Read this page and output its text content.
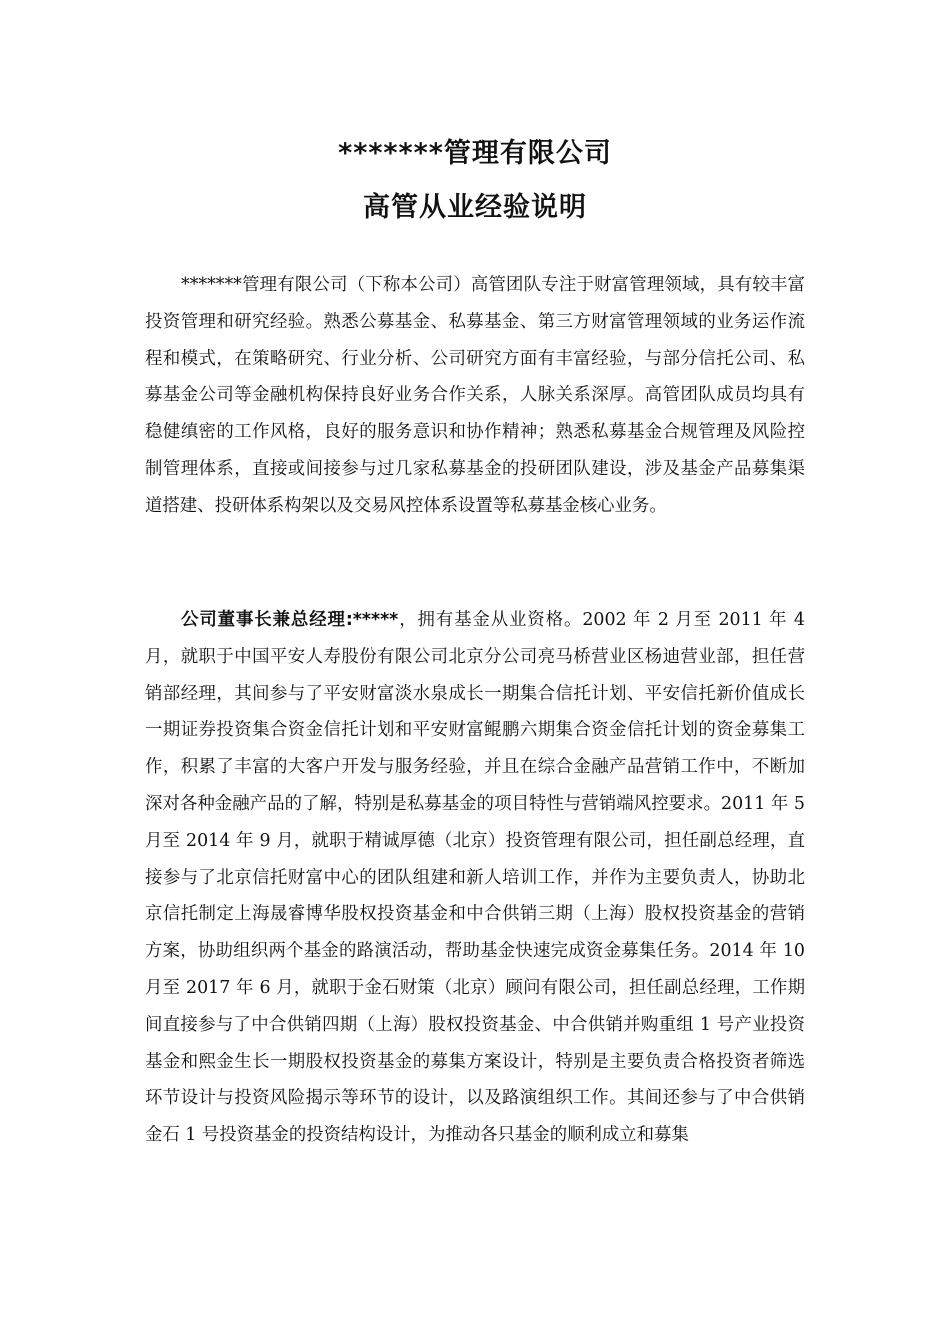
*******管理有限公司
高管从业经验说明

*******管理有限公司（下称本公司）高管团队专注于财富管理领域，具有较丰富投资管理和研究经验。熟悉公募基金、私募基金、第三方财富管理领域的业务运作流程和模式，在策略研究、行业分析、公司研究方面有丰富经验，与部分信托公司、私募基金公司等金融机构保持良好业务合作关系，人脉关系深厚。高管团队成员均具有稳健缜密的工作风格，良好的服务意识和协作精神；熟悉私募基金合规管理及风险控制管理体系，直接或间接参与过几家私募基金的投研团队建设，涉及基金产品募集渠道搭建、投研体系构架以及交易风控体系设置等私募基金核心业务。

公司董事长兼总经理:*****，拥有基金从业资格。2002 年 2 月至 2011 年 4 月，就职于中国平安人寿股份有限公司北京分公司亮马桥营业区杨迪营业部，担任营销部经理，其间参与了平安财富淡水泉成长一期集合信托计划、平安信托新价值成长一期证券投资集合资金信托计划和平安财富鲲鹏六期集合资金信托计划的资金募集工作，积累了丰富的大客户开发与服务经验，并且在综合金融产品营销工作中，不断加深对各种金融产品的了解，特别是私募基金的项目特性与营销端风控要求。2011 年 5 月至 2014 年 9 月，就职于精诚厚德（北京）投资管理有限公司，担任副总经理，直接参与了北京信托财富中心的团队组建和新人培训工作，并作为主要负责人，协助北京信托制定上海晟睿博华股权投资基金和中合供销三期（上海）股权投资基金的营销方案，协助组织两个基金的路演活动，帮助基金快速完成资金募集任务。2014 年 10 月至 2017 年 6 月，就职于金石财策（北京）顾问有限公司，担任副总经理，工作期间直接参与了中合供销四期（上海）股权投资基金、中合供销并购重组 1 号产业投资基金和熙金生长一期股权投资基金的募集方案设计，特别是主要负责合格投资者筛选环节设计与投资风险揭示等环节的设计，以及路演组织工作。其间还参与了中合供销金石 1 号投资基金的投资结构设计，为推动各只基金的顺利成立和募集
